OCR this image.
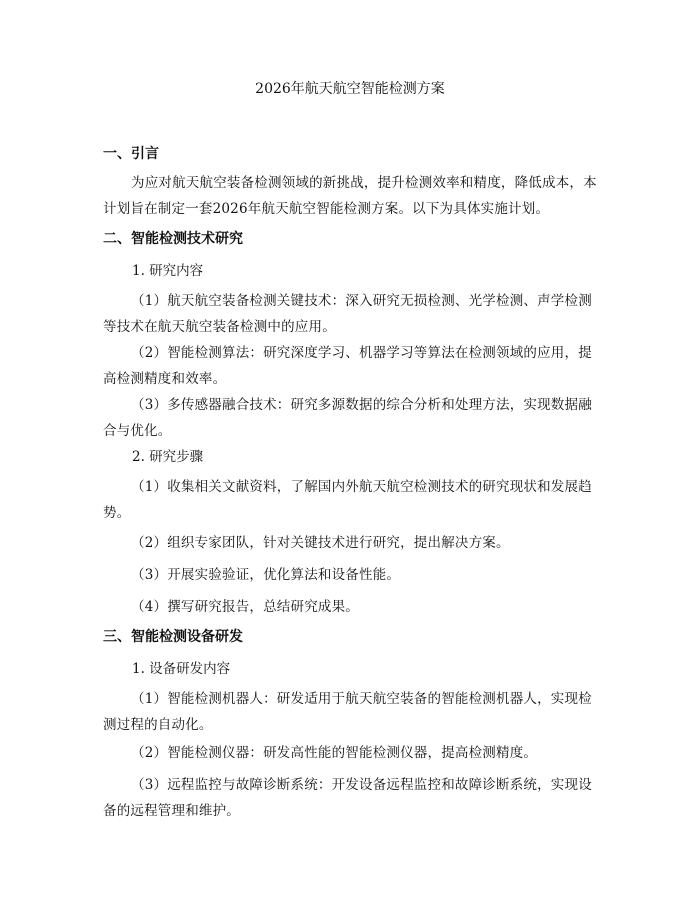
2026年航天航空智能检测方案
一、引言
为应对航天航空装备检测领域的新挑战，提升检测效率和精度，降低成本，本计划旨在制定一套2026年航天航空智能检测方案。以下为具体实施计划。
二、智能检测技术研究
1. 研究内容
（1）航天航空装备检测关键技术：深入研究无损检测、光学检测、声学检测等技术在航天航空装备检测中的应用。
（2）智能检测算法：研究深度学习、机器学习等算法在检测领域的应用，提高检测精度和效率。
（3）多传感器融合技术：研究多源数据的综合分析和处理方法，实现数据融合与优化。
2. 研究步骤
（1）收集相关文献资料，了解国内外航天航空检测技术的研究现状和发展趋势。
（2）组织专家团队，针对关键技术进行研究，提出解决方案。
（3）开展实验验证，优化算法和设备性能。
（4）撰写研究报告，总结研究成果。
三、智能检测设备研发
1. 设备研发内容
（1）智能检测机器人：研发适用于航天航空装备的智能检测机器人，实现检测过程的自动化。
（2）智能检测仪器：研发高性能的智能检测仪器，提高检测精度。
（3）远程监控与故障诊断系统：开发设备远程监控和故障诊断系统，实现设备的远程管理和维护。
